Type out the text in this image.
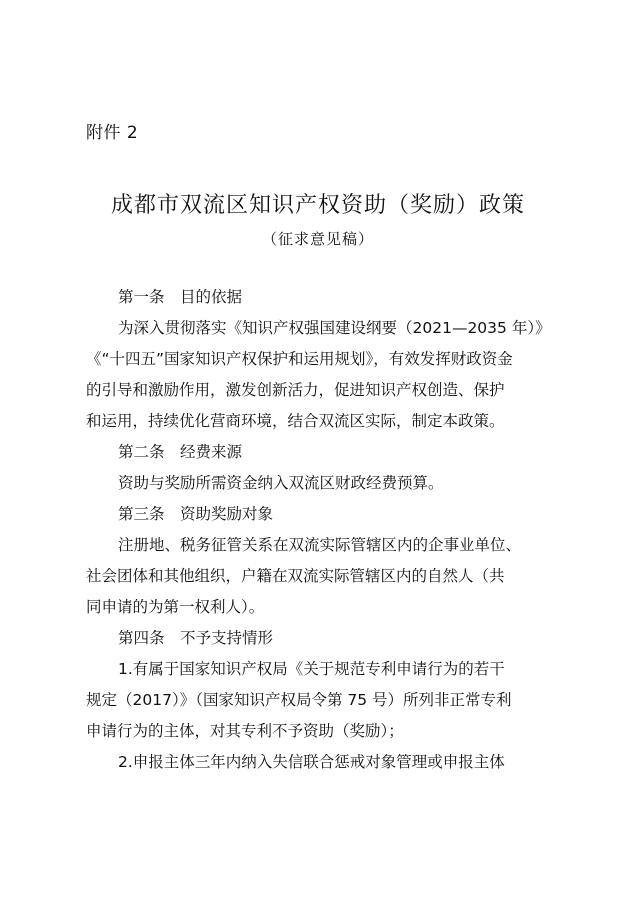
附件 2
成都市双流区知识产权资助（奖励）政策
（征求意见稿）
第一条　目的依据
为深入贯彻落实《知识产权强国建设纲要（2021—2035 年）》
《“十四五”国家知识产权保护和运用规划》，有效发挥财政资金
的引导和激励作用，激发创新活力，促进知识产权创造、保护
和运用，持续优化营商环境，结合双流区实际，制定本政策。
第二条　经费来源
资助与奖励所需资金纳入双流区财政经费预算。
第三条　资助奖励对象
注册地、税务征管关系在双流实际管辖区内的企事业单位、
社会团体和其他组织，户籍在双流实际管辖区内的自然人（共
同申请的为第一权利人）。
第四条　不予支持情形
1.有属于国家知识产权局《关于规范专利申请行为的若干
规定（2017）》（国家知识产权局令第 75 号）所列非正常专利
申请行为的主体，对其专利不予资助（奖励）；
2.申报主体三年内纳入失信联合惩戒对象管理或申报主体
